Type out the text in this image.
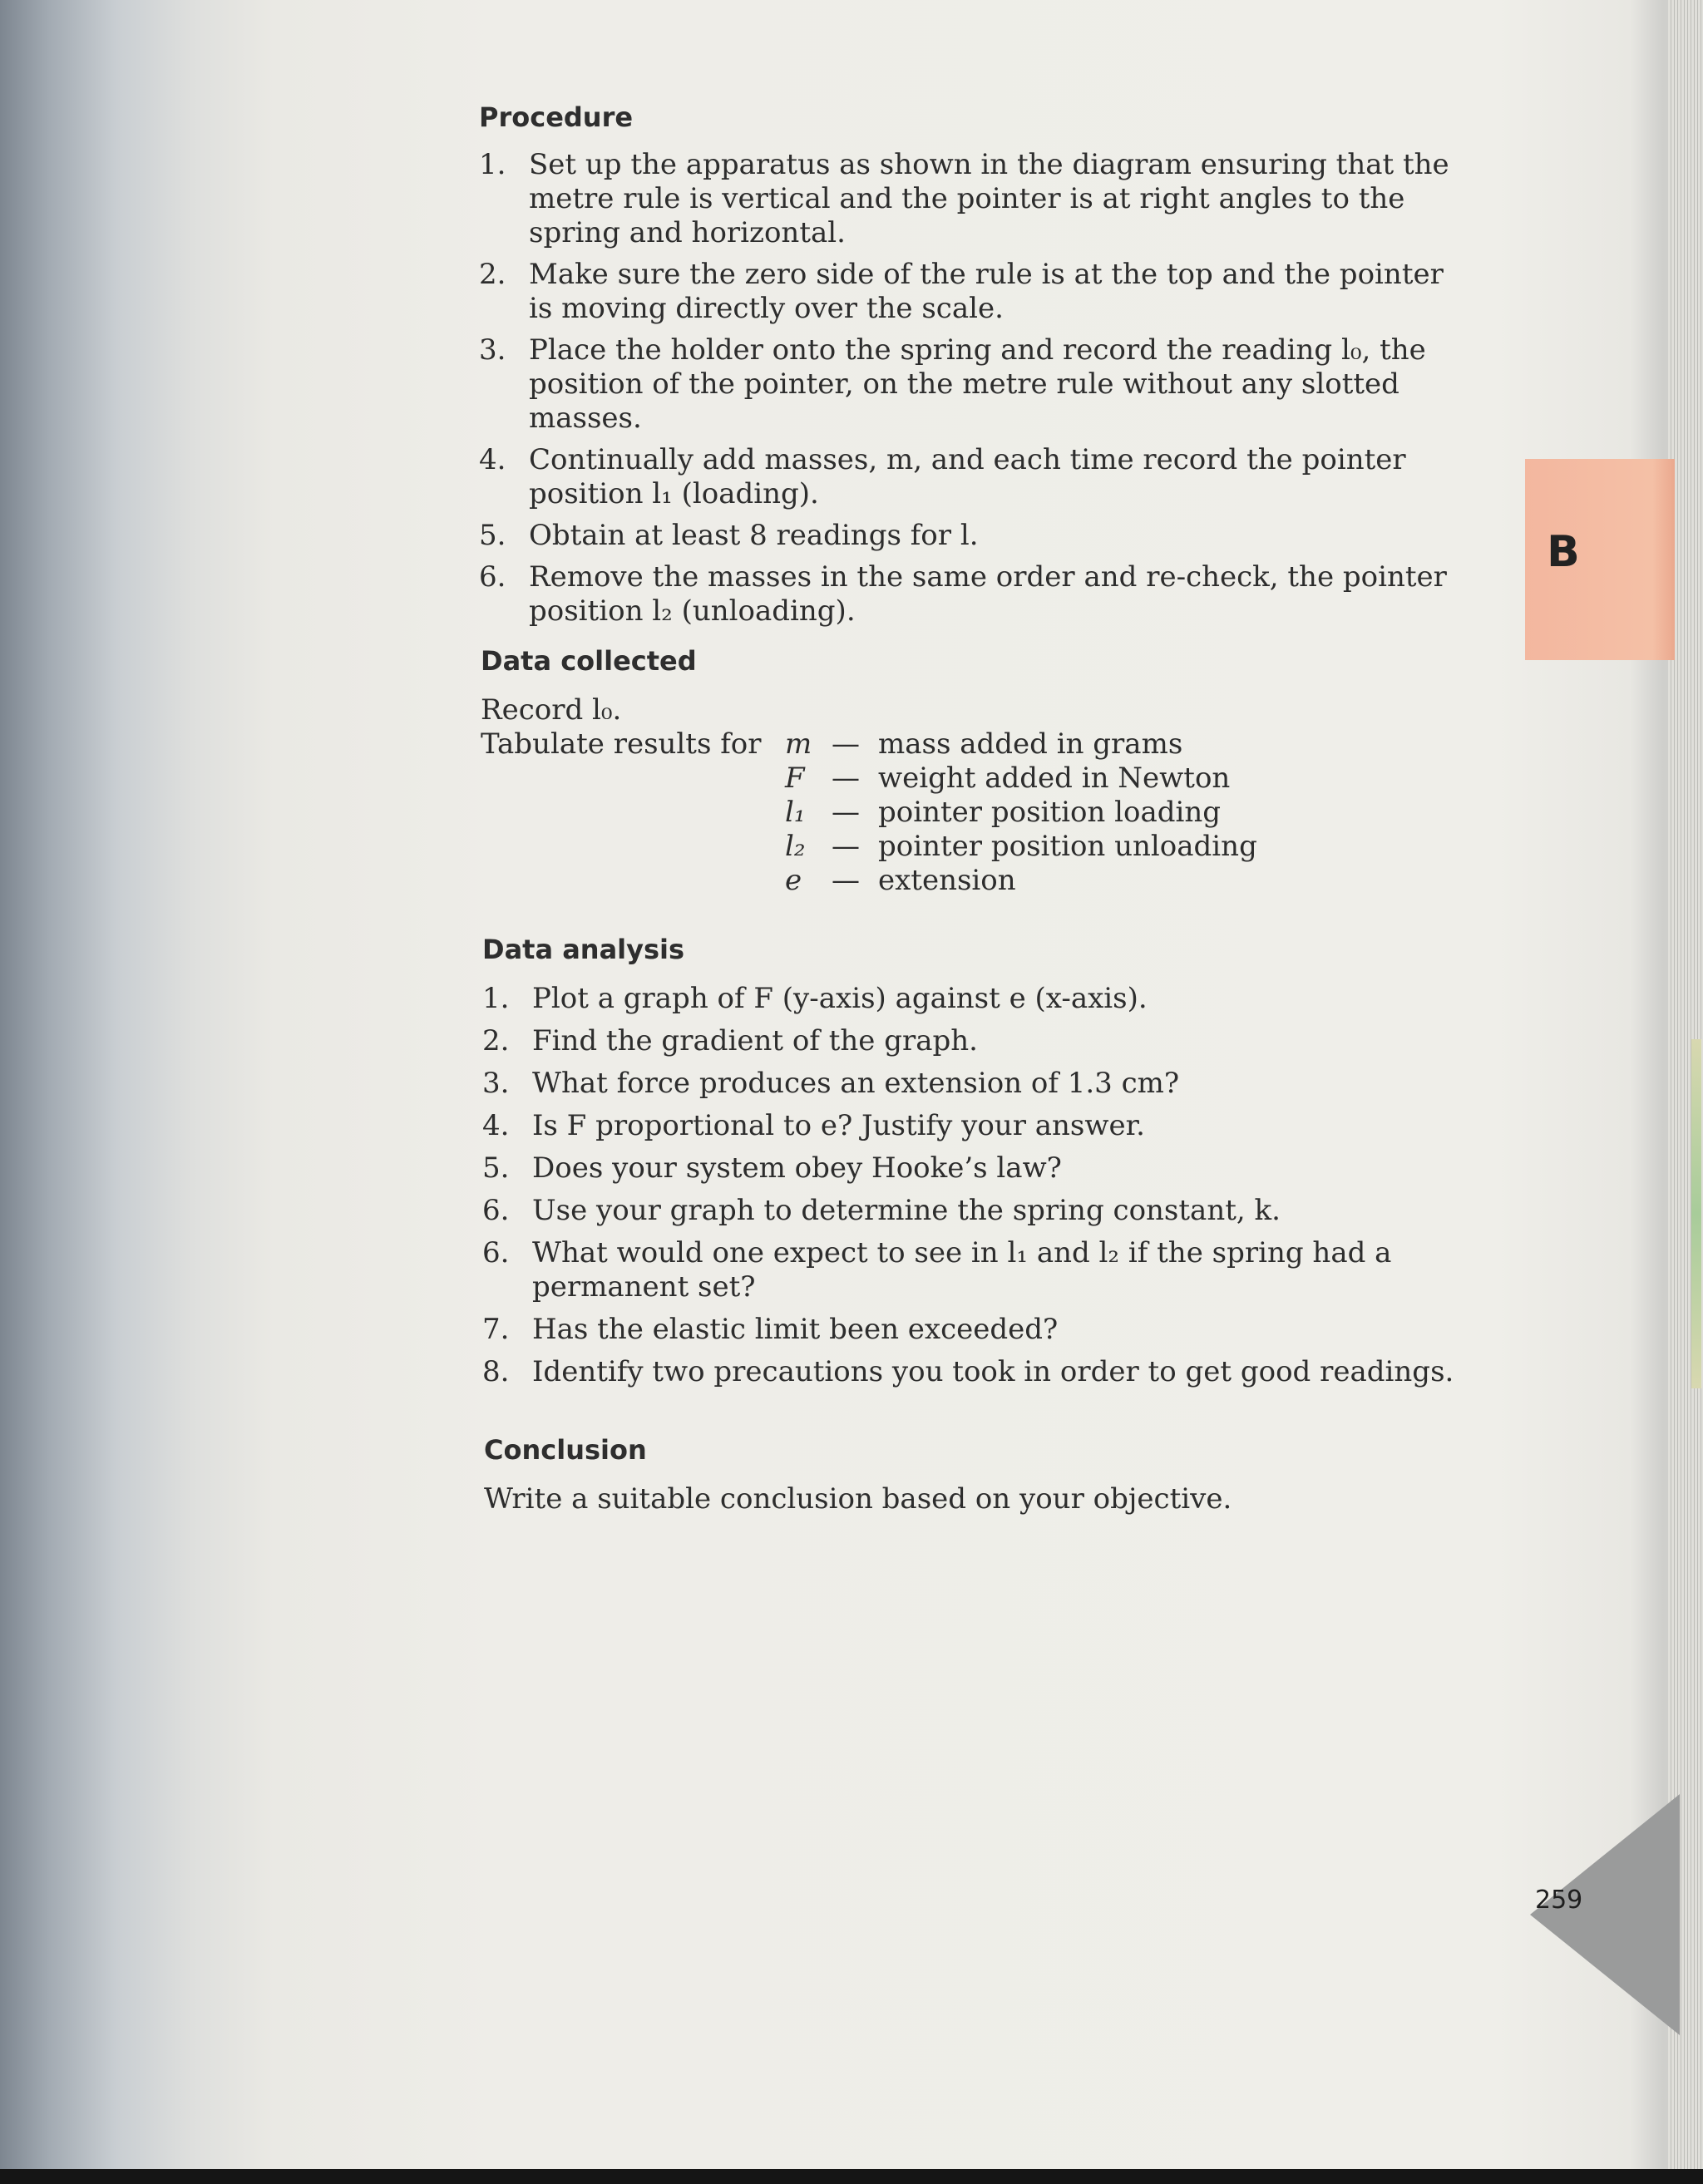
Procedure
1. Set up the apparatus as shown in the diagram ensuring that the metre rule is vertical and the pointer is at right angles to the spring and horizontal.
2. Make sure the zero side of the rule is at the top and the pointer is moving directly over the scale.
3. Place the holder onto the spring and record the reading l₀, the position of the pointer, on the metre rule without any slotted masses.
4. Continually add masses, m, and each time record the pointer position l₁ (loading).
5. Obtain at least 8 readings for l.
6. Remove the masses in the same order and re-check, the pointer position l₂ (unloading).
Data collected
Record l₀.
Tabulate results for m — mass added in grams
F — weight added in Newton
l₁ — pointer position loading
l₂ — pointer position unloading
e	— extension
Data analysis
1. Plot a graph of F (y-axis) against e (x-axis).
2. Find the gradient of the graph.
3. What force produces an extension of 1.3 cm?
4. Is F proportional to e? Justify your answer.
5. Does your system obey Hooke’s law?
6. Use your graph to determine the spring constant, k.
6. What would one expect to see in l₁ and l₂ if the spring had a permanent set?
7. Has the elastic limit been exceeded?
8. Identify two precautions you took in order to get good readings.
Conclusion
Write a suitable conclusion based on your objective.
B
259
